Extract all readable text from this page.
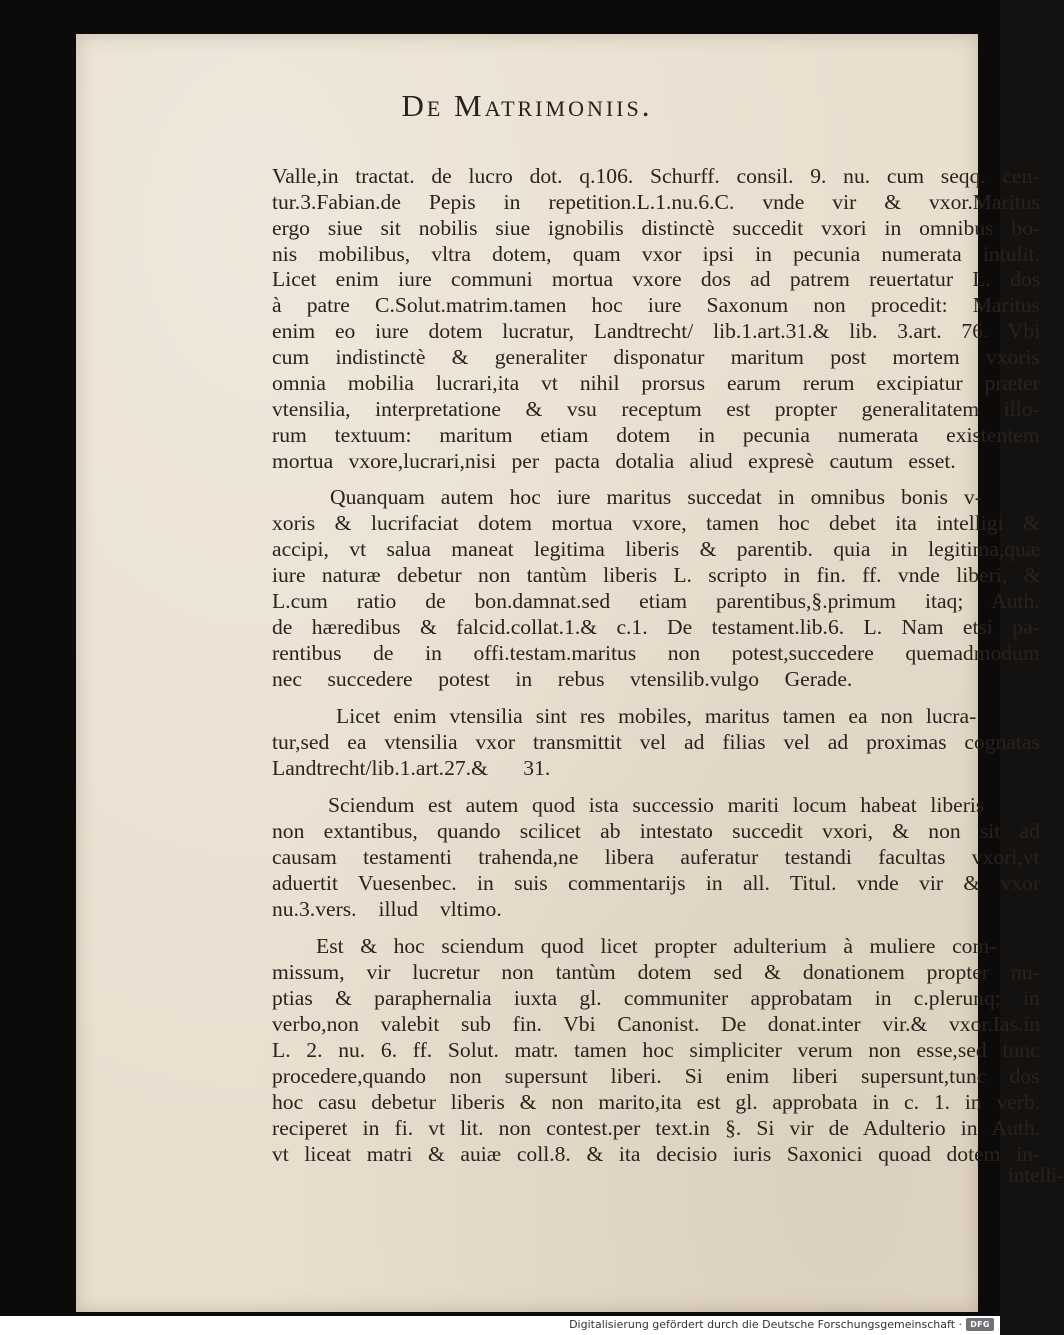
De Matrimoniis.
Valle,in tractat. de lucro dot. q.106. Schurff. consil. 9. nu. cum seqq. cen-
tur.3.Fabian.de Pepis in repetition.L.1.nu.6.C. vnde vir & vxor.Maritus
ergo siue sit nobilis siue ignobilis distinctè succedit vxori in omnibus bo-
nis mobilibus, vltra dotem, quam vxor ipsi in pecunia numerata intulit.
Licet enim iure communi mortua vxore dos ad patrem reuertatur L. dos
à patre C.Solut.matrim.tamen hoc iure Saxonum non procedit: Maritus
enim eo iure dotem lucratur, Landtrecht/ lib.1.art.31.& lib. 3.art. 76. Vbi
cum indistinctè & generaliter disponatur maritum post mortem vxoris
omnia mobilia lucrari,ita vt nihil prorsus earum rerum excipiatur præter
vtensilia, interpretatione & vsu receptum est propter generalitatem illo-
rum textuum: maritum etiam dotem in pecunia numerata existentem
mortua vxore,lucrari,nisi per pacta dotalia aliud expresè cautum esset.
Quanquam autem hoc iure maritus succedat in omnibus bonis v-
xoris & lucrifaciat dotem mortua vxore, tamen hoc debet ita intelligi &
accipi, vt salua maneat legitima liberis & parentib. quia in legitima,quæ
iure naturæ debetur non tantùm liberis L. scripto in fin. ff. vnde liberi, &
L.cum ratio de bon.damnat.sed etiam parentibus,§.primum itaq; Auth.
de hæredibus & falcid.collat.1.& c.1. De testament.lib.6. L. Nam etsi pa-
rentibus de in offi.testam.maritus non potest,succedere quemadmodum
nec succedere potest in rebus vtensilib.vulgo Gerade.
Licet enim vtensilia sint res mobiles, maritus tamen ea non lucra-
tur,sed ea vtensilia vxor transmittit vel ad filias vel ad proximas cognatas
Landtrecht/lib.1.art.27.& 31.
Sciendum est autem quod ista successio mariti locum habeat liberis
non extantibus, quando scilicet ab intestato succedit vxori, & non sit ad
causam testamenti trahenda,ne libera auferatur testandi facultas vxori,vt
aduertit Vuesenbec. in suis commentarijs in all. Titul. vnde vir & vxor
nu.3.vers. illud vltimo.
Est & hoc sciendum quod licet propter adulterium à muliere com-
missum, vir lucretur non tantùm dotem sed & donationem propter nu-
ptias & paraphernalia iuxta gl. communiter approbatam in c.plerunq; in
verbo,non valebit sub fin. Vbi Canonist. De donat.inter vir.& vxor.Ias.in
L. 2. nu. 6. ff. Solut. matr. tamen hoc simpliciter verum non esse,sed tunc
procedere,quando non supersunt liberi. Si enim liberi supersunt,tunc dos
hoc casu debetur liberis & non marito,ita est gl. approbata in c. 1. in verb.
reciperet in fi. vt lit. non contest.per text.in §. Si vir de Adulterio in Auth.
vt liceat matri & auiæ coll.8. & ita decisio iuris Saxonici quoad dotem in-
intelli-
Digitalisierung gefördert durch die Deutsche Forschungsgemeinschaft · DFG
